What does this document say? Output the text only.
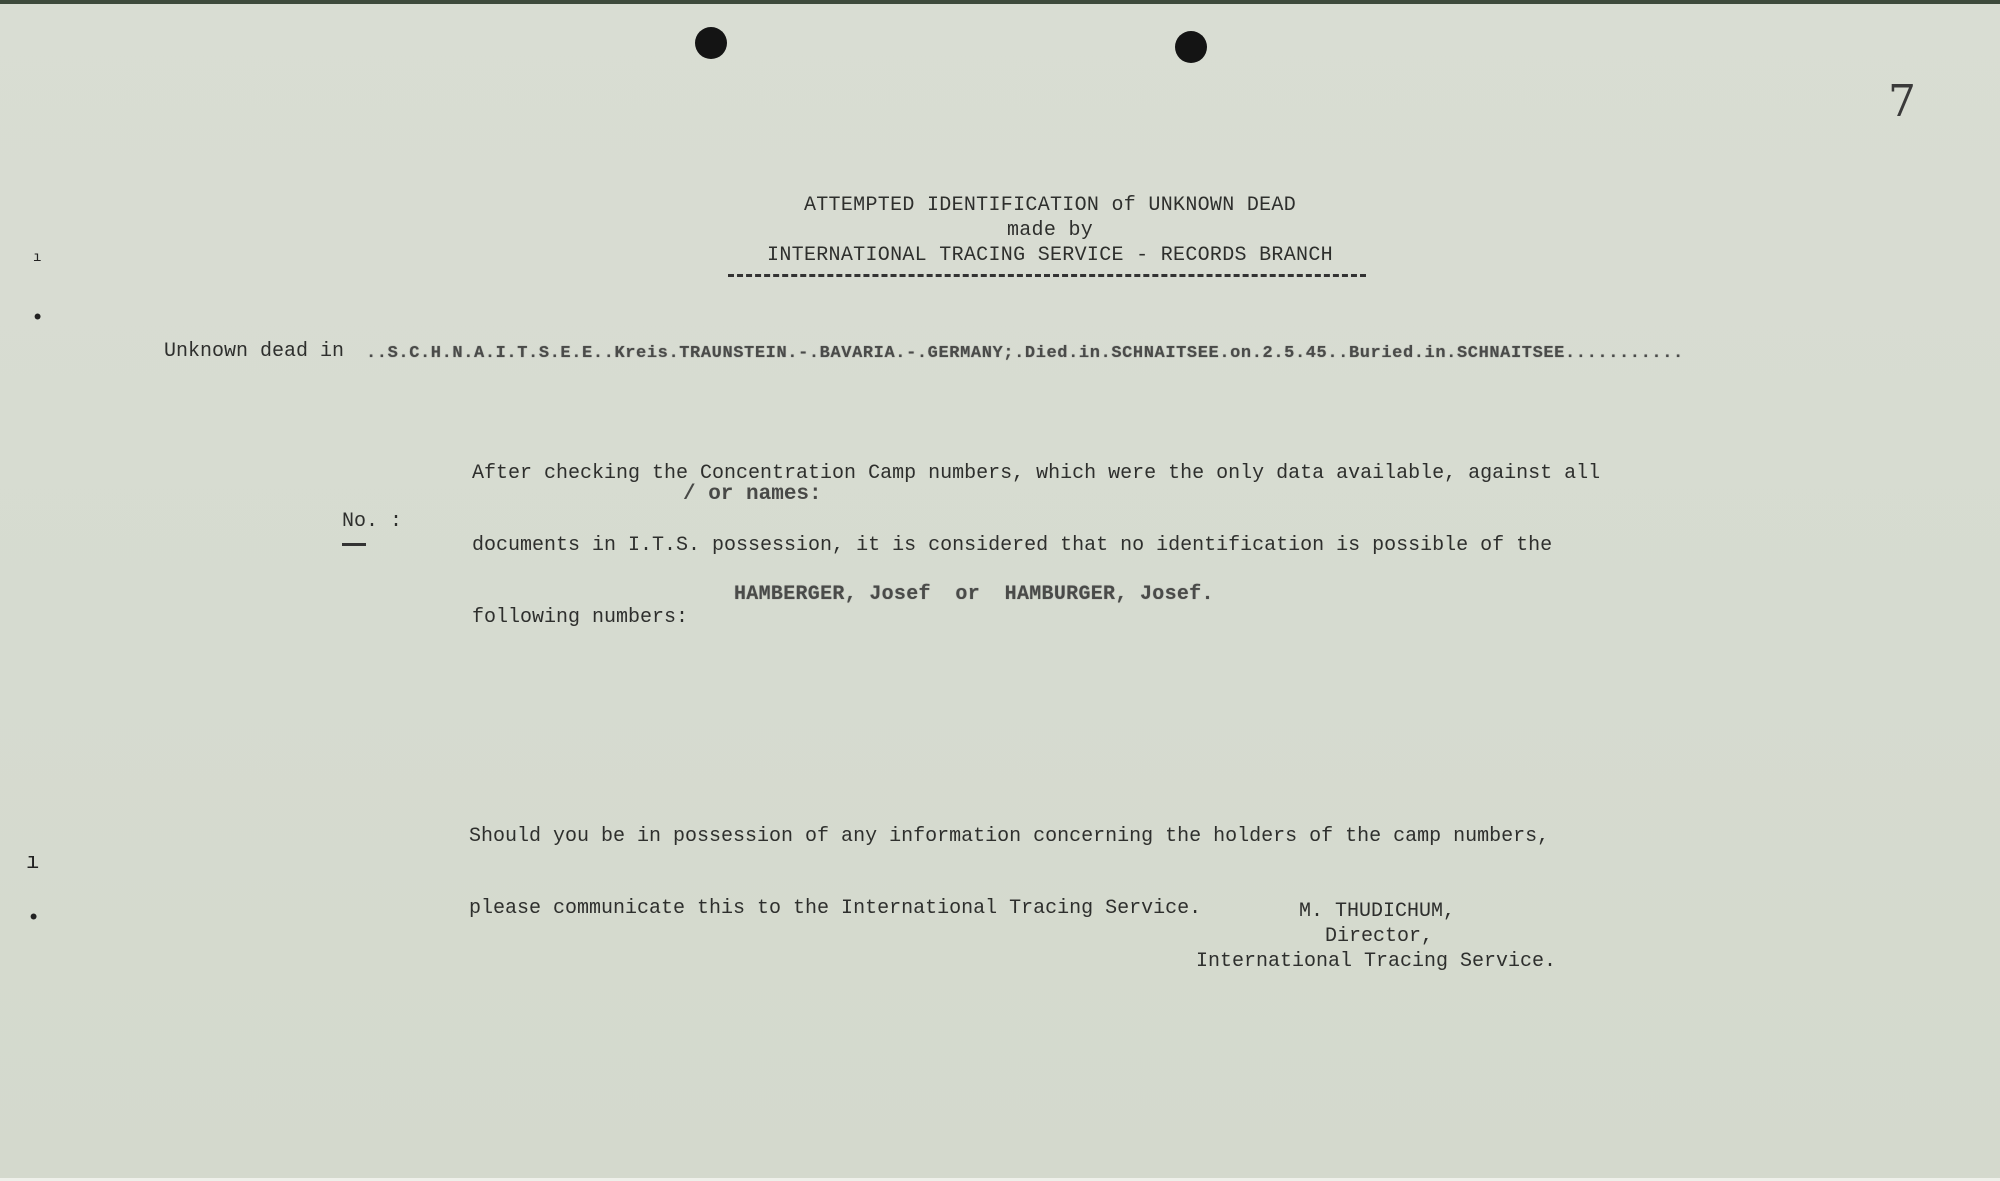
7
ı
•
ı
•
ATTEMPTED IDENTIFICATION of UNKNOWN DEAD
made by
INTERNATIONAL TRACING SERVICE - RECORDS BRANCH
Unknown dead in ..S.C.H.N.A.I.T.S.E.E..Kreis.TRAUNSTEIN.-.BAVARIA.-.GERMANY;.Died.in.SCHNAITSEE.on.2.5.45..Buried.in.SCHNAITSEE...........

After checking the Concentration Camp numbers, which were the only data available, against all

documents in I.T.S. possession, it is considered that no identification is possible of the

following numbers:

/ or names:
No. :
HAMBERGER, Josef  or  HAMBURGER, Josef.

Should you be in possession of any information concerning the holders of the camp numbers,

please communicate this to the International Tracing Service.

	M. THUDICHUM,
Director,
International Tracing Service.
